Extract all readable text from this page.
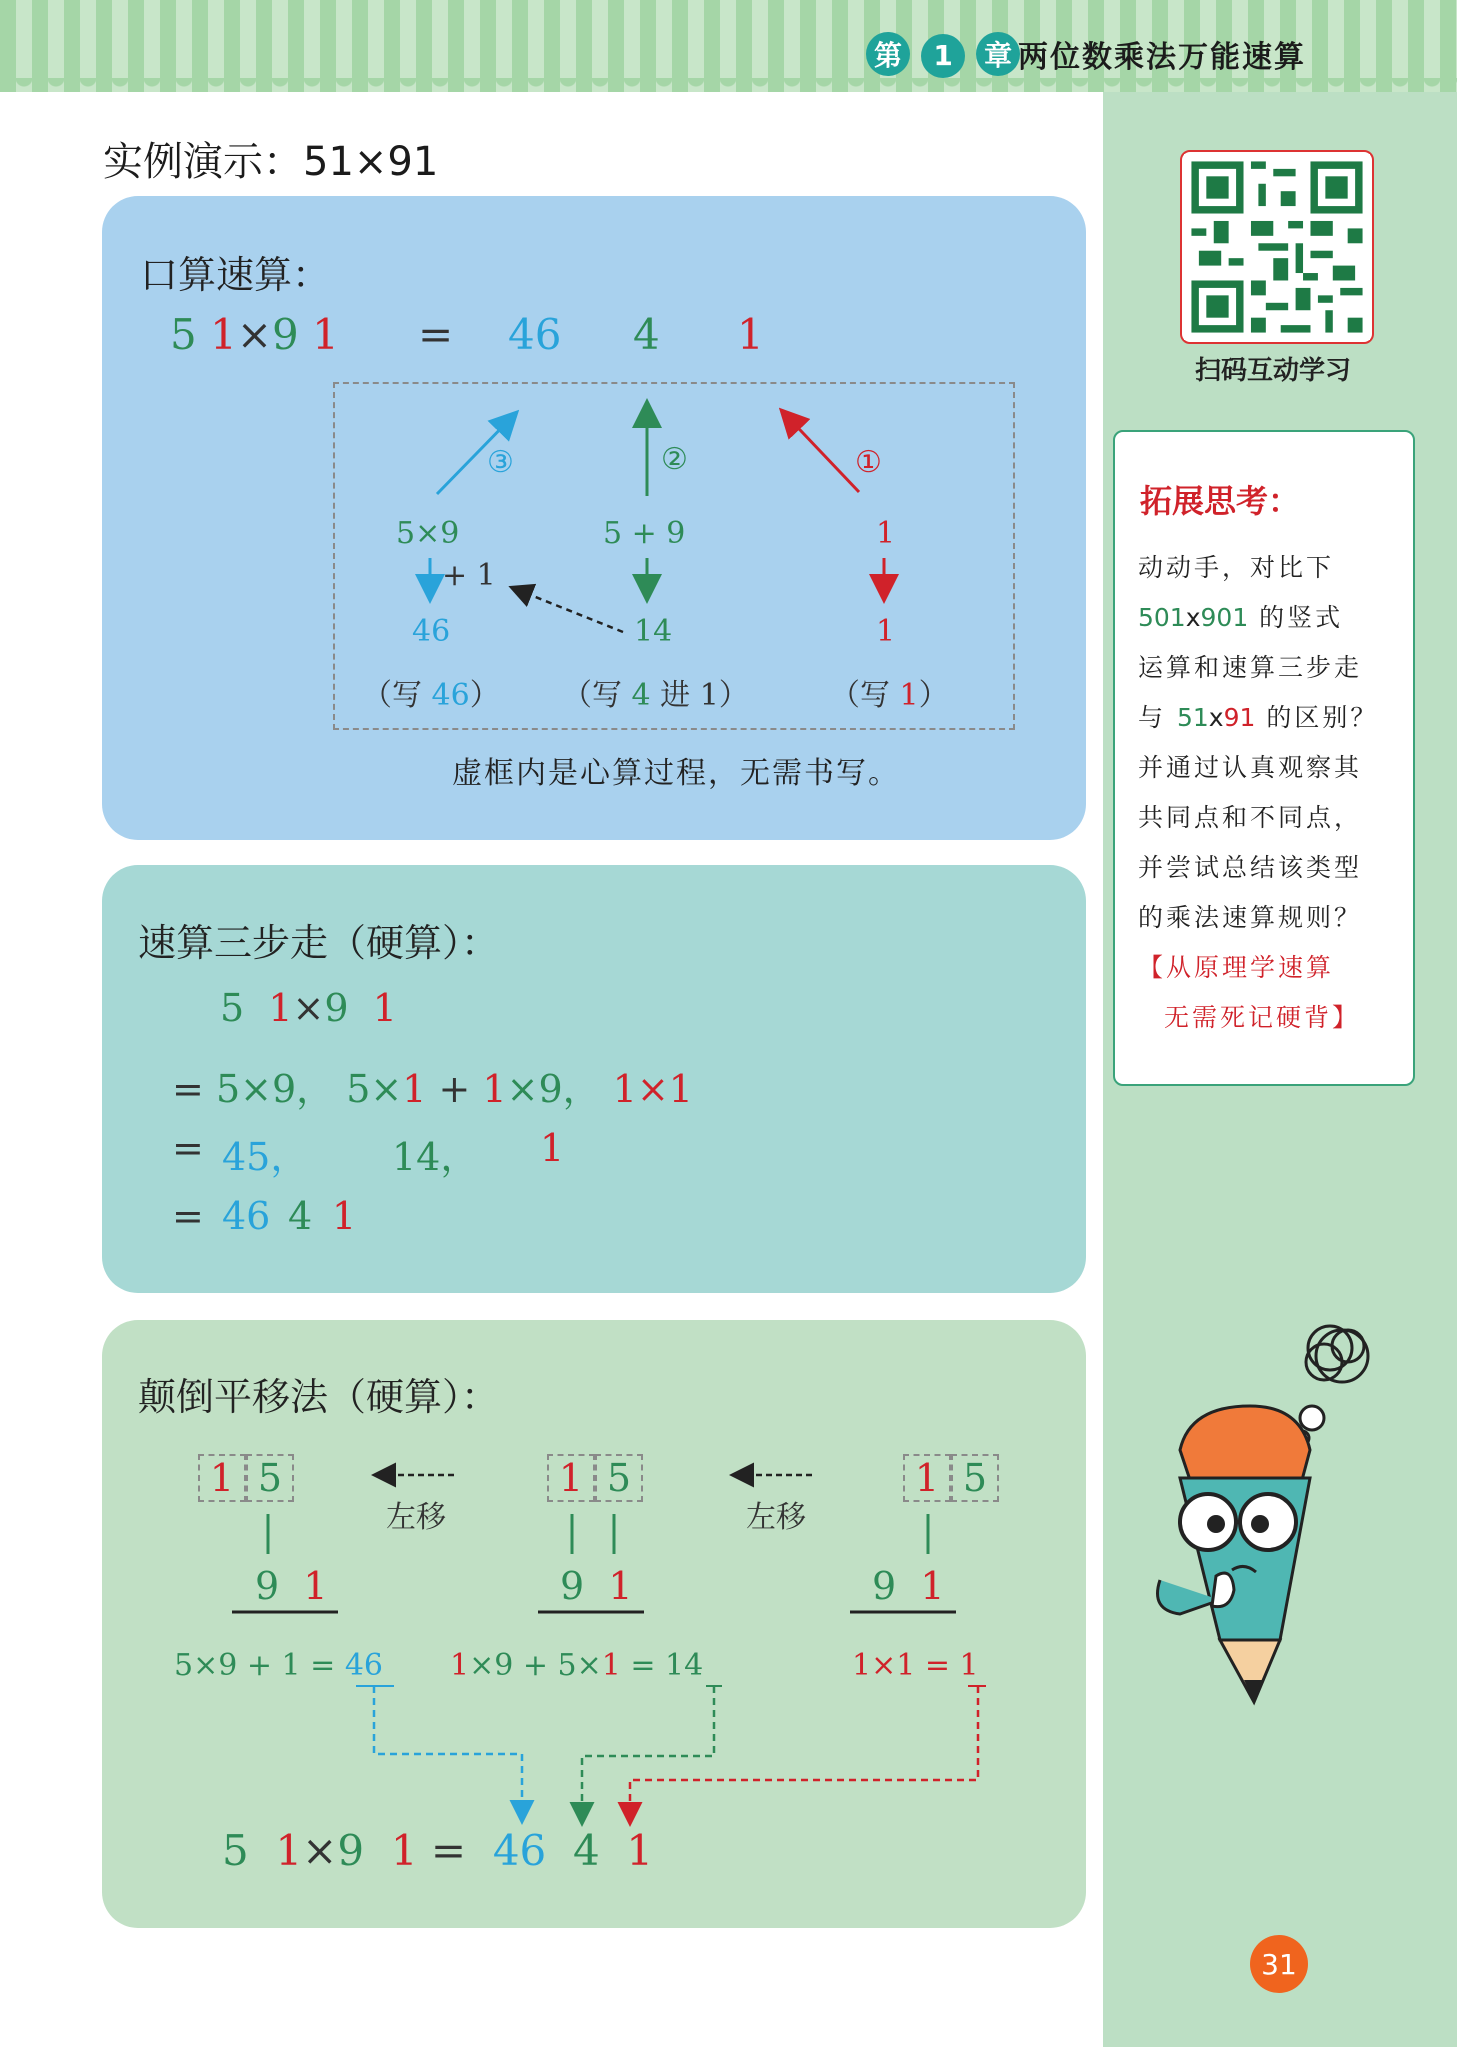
第 1 章 两位数乘法万能速算
实例演示：51×91
口算速算：
5 1×9 1 = 46 4 1
③	②	①
5×9
+ 1
46
5 + 9
14
1
1
（写 46） （写 4 进 1）	（写 1）
虚框内是心算过程，无需书写。
速算三步走（硬算）：
5 1×9 1
= 5×9， 5×1 + 1×9， 1×1
= 45， 14， 1
= 46 4 1
颠倒平移法（硬算）：
1 5
左移
1 5
左移
1 5
9 1	9 1	9 1
5×9 + 1 = 46 1×9 + 5×1 = 14	1×1 = 1
5 1×9 1 = 46 4 1
扫码互动学习
拓展思考：
动动手，对比下
501x901 的竖式
运算和速算三步走
与 51x91 的区别？
并通过认真观察其
共同点和不同点，
并尝试总结该类型
的乘法速算规则？
【从原理学速算
无需死记硬背】
31
